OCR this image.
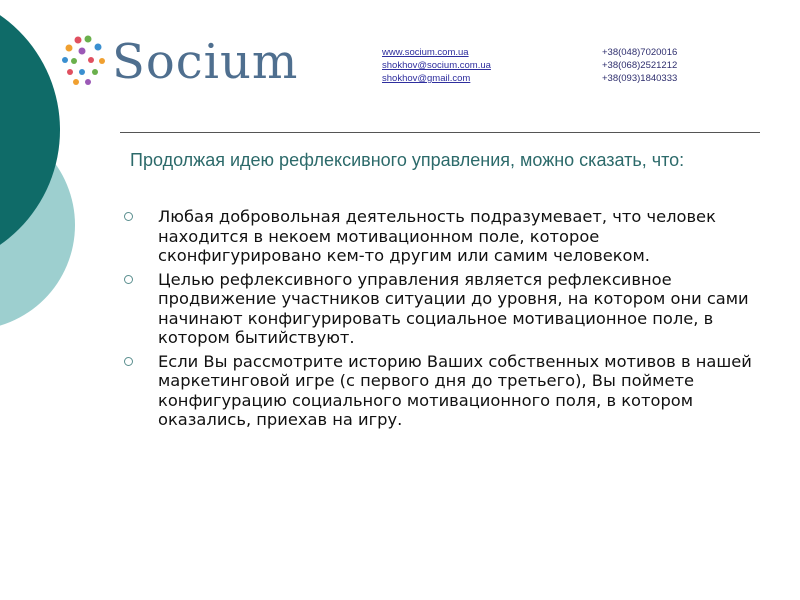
Socium	www.socium.com.ua
shokhov@socium.com.ua
shokhov@gmail.com
+38(048)7020016
+38(068)2521212
+38(093)1840333
Продолжая идею рефлексивного управления, можно сказать, что:
Любая добровольная деятельность подразумевает, что человек находится в некоем мотивационном поле, которое сконфигурировано кем-то другим или самим человеком.
Целью рефлексивного управления является рефлексивное продвижение участников ситуации до уровня, на котором они сами начинают конфигурировать социальное мотивационное поле, в котором бытийствуют.
Если Вы рассмотрите историю Ваших собственных мотивов в нашей маркетинговой игре (с первого дня до третьего), Вы поймете конфигурацию социального мотивационного поля, в котором оказались, приехав на игру.
